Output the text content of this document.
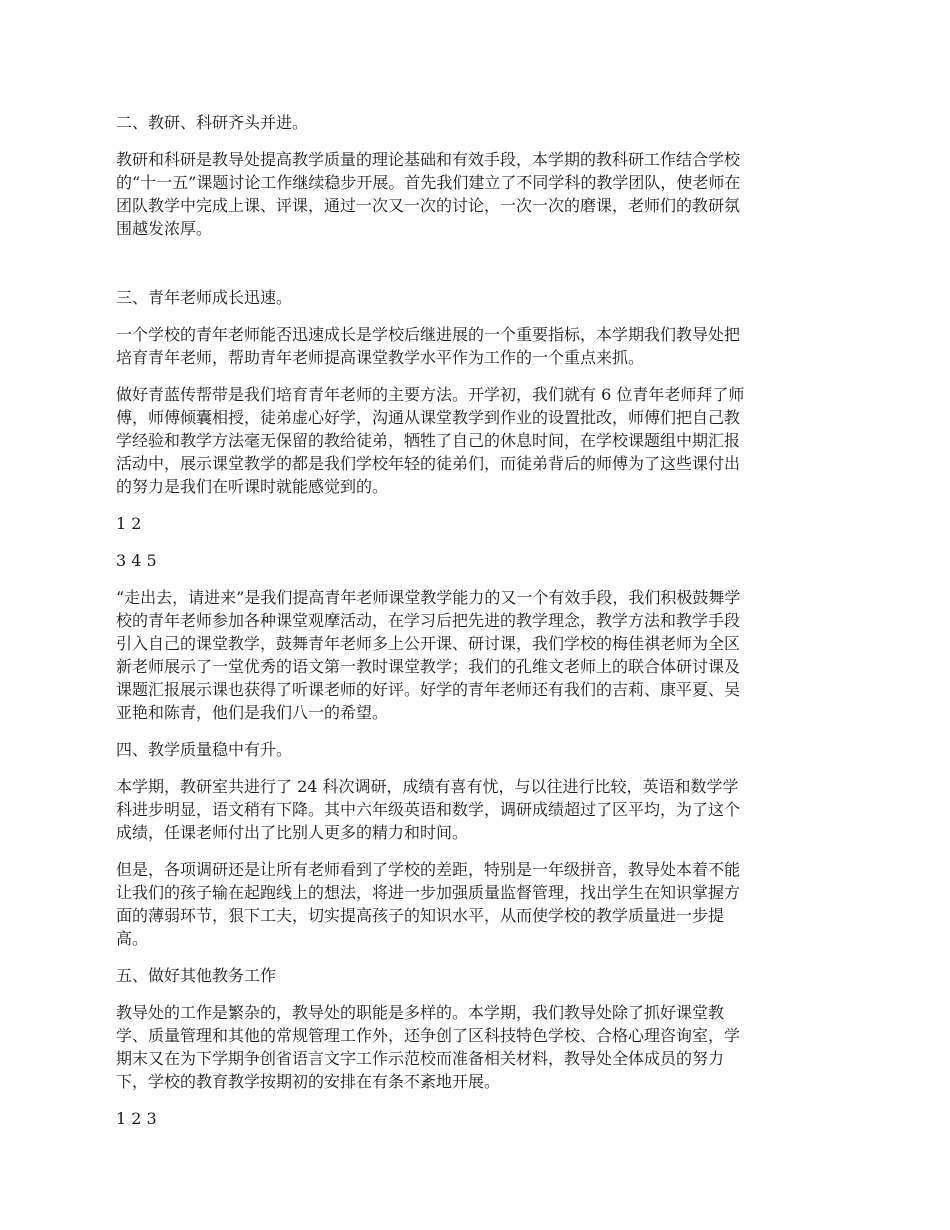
二、教研、科研齐头并进。
教研和科研是教导处提高教学质量的理论基础和有效手段，本学期的教科研工作结合学校
的“十一五”课题讨论工作继续稳步开展。首先我们建立了不同学科的教学团队，使老师在
团队教学中完成上课、评课，通过一次又一次的讨论，一次一次的磨课，老师们的教研氛
围越发浓厚。
三、青年老师成长迅速。
一个学校的青年老师能否迅速成长是学校后继进展的一个重要指标，本学期我们教导处把
培育青年老师，帮助青年老师提高课堂教学水平作为工作的一个重点来抓。
做好青蓝传帮带是我们培育青年老师的主要方法。开学初，我们就有 6 位青年老师拜了师
傅，师傅倾囊相授，徒弟虚心好学，沟通从课堂教学到作业的设置批改，师傅们把自己教
学经验和教学方法毫无保留的教给徒弟，牺牲了自己的休息时间，在学校课题组中期汇报
活动中，展示课堂教学的都是我们学校年轻的徒弟们，而徒弟背后的师傅为了这些课付出
的努力是我们在听课时就能感觉到的。
1 2
3 4 5
“走出去，请进来”是我们提高青年老师课堂教学能力的又一个有效手段，我们积极鼓舞学
校的青年老师参加各种课堂观摩活动，在学习后把先进的教学理念，教学方法和教学手段
引入自己的课堂教学，鼓舞青年老师多上公开课、研讨课，我们学校的梅佳祺老师为全区
新老师展示了一堂优秀的语文第一教时课堂教学；我们的孔维文老师上的联合体研讨课及
课题汇报展示课也获得了听课老师的好评。好学的青年老师还有我们的吉莉、康平夏、吴
亚艳和陈青，他们是我们八一的希望。
四、教学质量稳中有升。
本学期，教研室共进行了 24 科次调研，成绩有喜有忧，与以往进行比较，英语和数学学
科进步明显，语文稍有下降。其中六年级英语和数学，调研成绩超过了区平均，为了这个
成绩，任课老师付出了比别人更多的精力和时间。
但是，各项调研还是让所有老师看到了学校的差距，特别是一年级拼音，教导处本着不能
让我们的孩子输在起跑线上的想法，将进一步加强质量监督管理，找出学生在知识掌握方
面的薄弱环节，狠下工夫，切实提高孩子的知识水平，从而使学校的教学质量进一步提
高。
五、做好其他教务工作
教导处的工作是繁杂的，教导处的职能是多样的。本学期，我们教导处除了抓好课堂教
学、质量管理和其他的常规管理工作外，还争创了区科技特色学校、合格心理咨询室，学
期末又在为下学期争创省语言文字工作示范校而准备相关材料，教导处全体成员的努力
下，学校的教育教学按期初的安排在有条不紊地开展。
1 2 3
